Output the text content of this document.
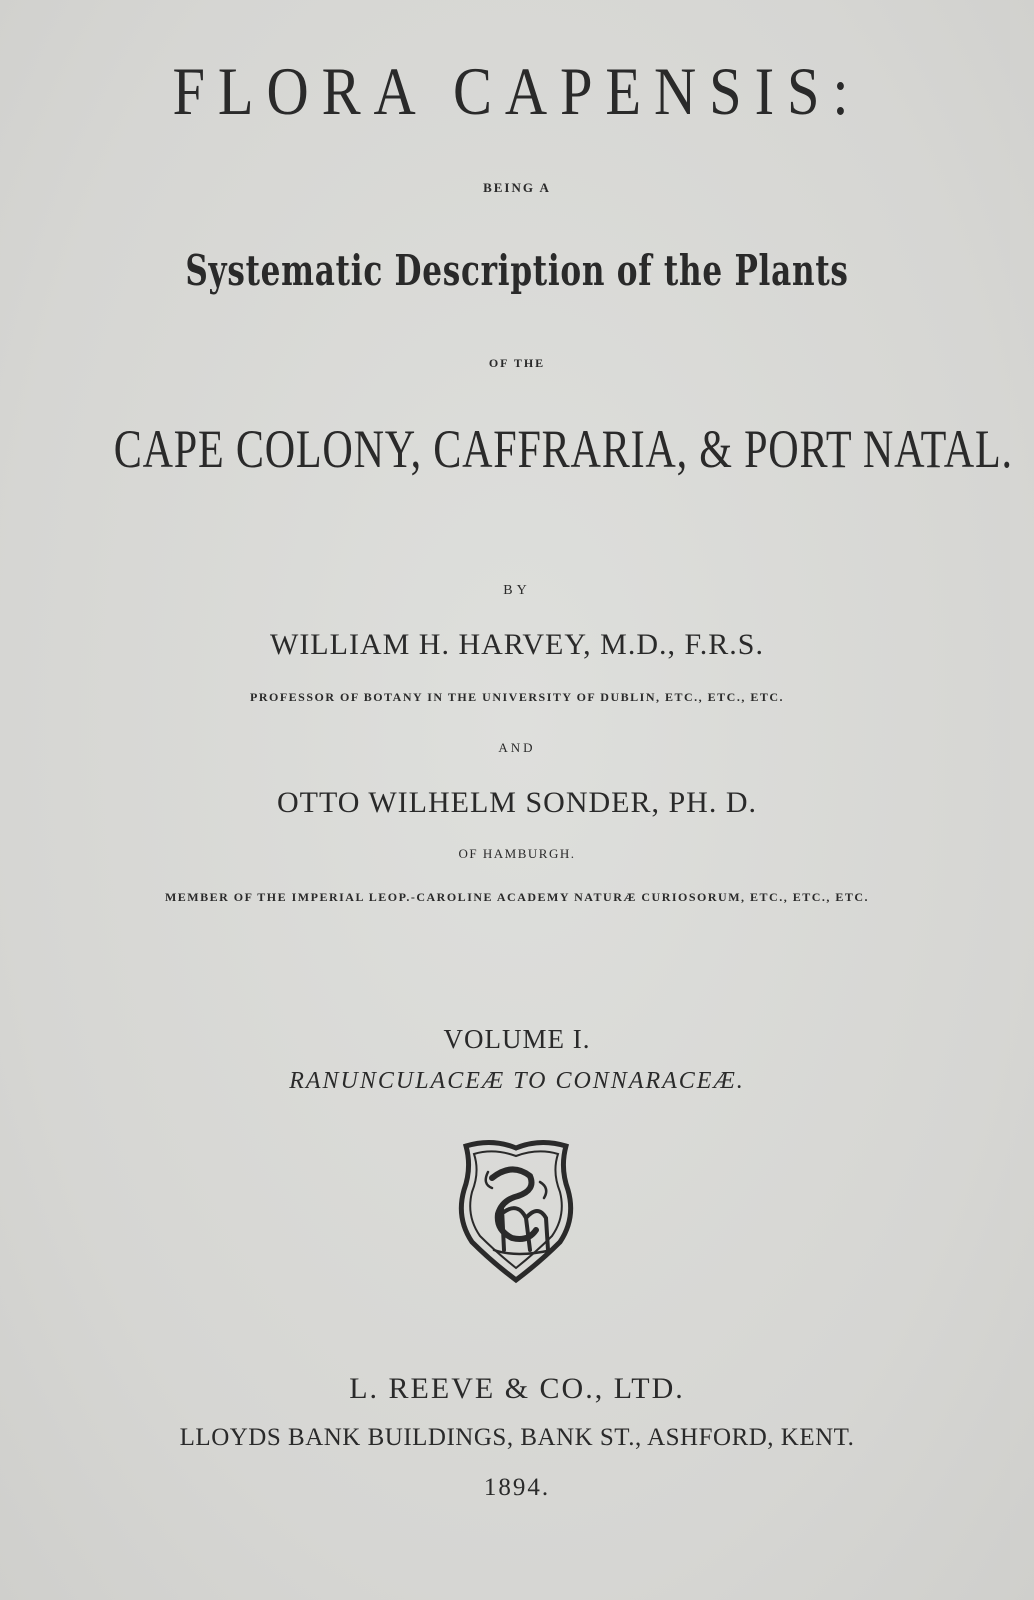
FLORA CAPENSIS:

BEING A

Systematic Description of the Plants

OF THE

CAPE COLONY, CAFFRARIA, & PORT NATAL.

BY

WILLIAM H. HARVEY, M.D., F.R.S.

PROFESSOR OF BOTANY IN THE UNIVERSITY OF DUBLIN, ETC., ETC., ETC.

AND

OTTO WILHELM SONDER, PH. D.

OF HAMBURGH.

MEMBER OF THE IMPERIAL LEOP.-CAROLINE ACADEMY NATURÆ CURIOSORUM, ETC., ETC., ETC.

VOLUME I.

RANUNCULACEÆ TO CONNARACEÆ.

L. REEVE & CO., LTD.

LLOYDS BANK BUILDINGS, BANK ST., ASHFORD, KENT.

1894.
